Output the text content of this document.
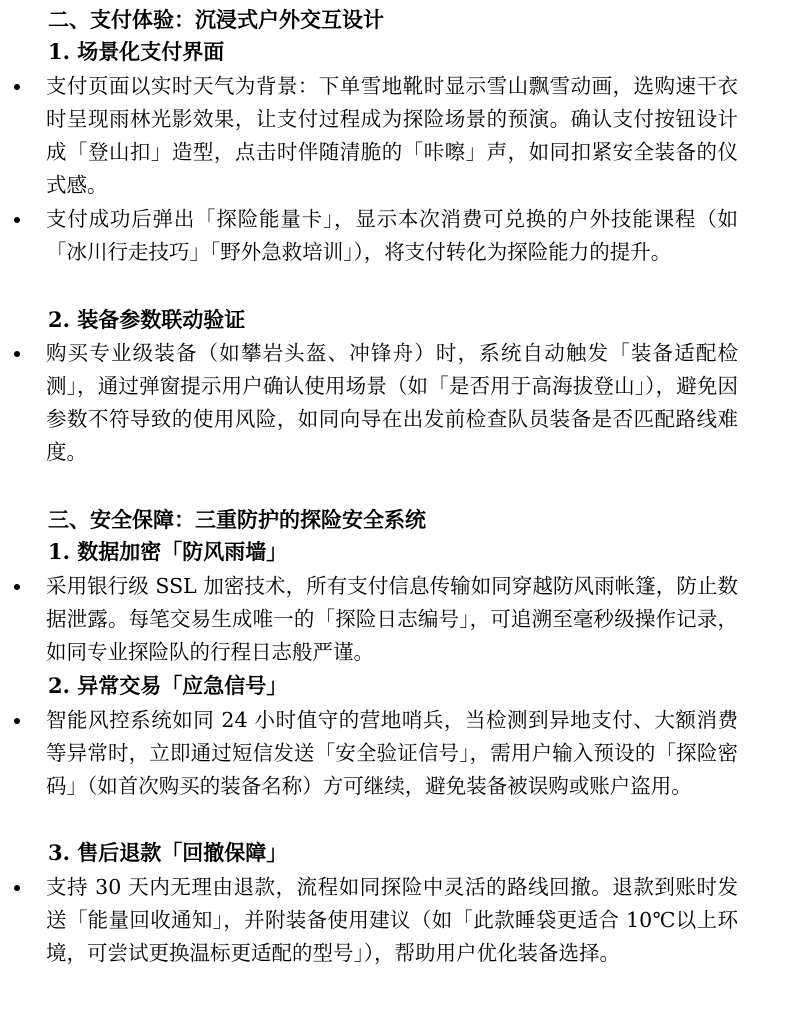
二、支付体验：沉浸式户外交互设计
1. 场景化支付界面
支付页面以实时天气为背景：下单雪地靴时显示雪山飘雪动画，选购速干衣时呈现雨林光影效果，让支付过程成为探险场景的预演。确认支付按钮设计成「登山扣」造型，点击时伴随清脆的「咔嚓」声，如同扣紧安全装备的仪式感。
支付成功后弹出「探险能量卡」，显示本次消费可兑换的户外技能课程（如「冰川行走技巧」「野外急救培训」），将支付转化为探险能力的提升。
2. 装备参数联动验证
购买专业级装备（如攀岩头盔、冲锋舟）时，系统自动触发「装备适配检测」，通过弹窗提示用户确认使用场景（如「是否用于高海拔登山」），避免因参数不符导致的使用风险，如同向导在出发前检查队员装备是否匹配路线难度。
三、安全保障：三重防护的探险安全系统
1. 数据加密「防风雨墙」
采用银行级 SSL 加密技术，所有支付信息传输如同穿越防风雨帐篷，防止数据泄露。每笔交易生成唯一的「探险日志编号」，可追溯至毫秒级操作记录，如同专业探险队的行程日志般严谨。
2. 异常交易「应急信号」
智能风控系统如同 24 小时值守的营地哨兵，当检测到异地支付、大额消费等异常时，立即通过短信发送「安全验证信号」，需用户输入预设的「探险密码」（如首次购买的装备名称）方可继续，避免装备被误购或账户盗用。
3. 售后退款「回撤保障」
支持 30 天内无理由退款，流程如同探险中灵活的路线回撤。退款到账时发送「能量回收通知」，并附装备使用建议（如「此款睡袋更适合 10℃以上环境，可尝试更换温标更适配的型号」），帮助用户优化装备选择。
